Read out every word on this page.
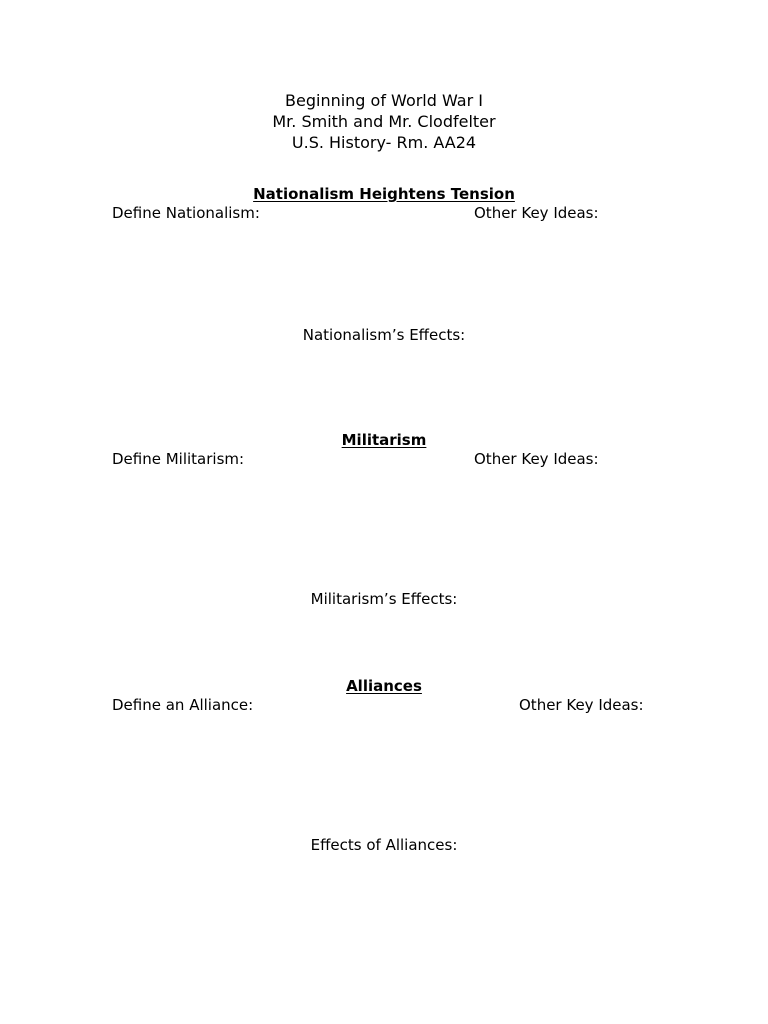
Beginning of World War I
Mr. Smith and Mr. Clodfelter
U.S. History- Rm. AA24
Nationalism Heightens Tension
Define Nationalism:	Other Key Ideas:
Nationalism’s Effects:
Militarism
Define Militarism:	Other Key Ideas:
Militarism’s Effects:
Alliances
Define an Alliance:	Other Key Ideas:
Effects of Alliances:
